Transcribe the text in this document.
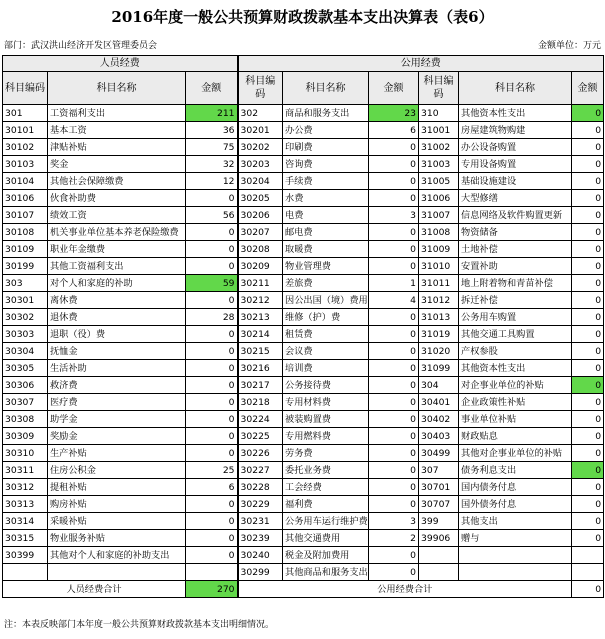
2016年度一般公共预算财政拨款基本支出决算表（表6）
部门：武汉洪山经济开发区管理委员会	金额单位：万元
人员经费			公用经费					
科目编码	科目名称	金额	科目编码	科目名称	金额	科目编码	科目名称	金额
301	工资福利支出	211	302	商品和服务支出	23	310	其他资本性支出	0
30101	基本工资	36	30201	办公费	6	31001	房屋建筑物购建	0
30102	津贴补贴	75	30202	印刷费	0	31002	办公设备购置	0
30103	奖金	32	30203	咨询费	0	31003	专用设备购置	0
30104	其他社会保障缴费	12	30204	手续费	0	31005	基础设施建设	0
30106	伙食补助费	0	30205	水费	0	31006	大型修缮	0
30107	绩效工资	56	30206	电费	3	31007	信息网络及软件购置更新	0
30108	机关事业单位基本养老保险缴费	0	30207	邮电费	0	31008	物资储备	0
30109	职业年金缴费	0	30208	取暖费	0	31009	土地补偿	0
30199	其他工资福利支出	0	30209	物业管理费	0	31010	安置补助	0
303	对个人和家庭的补助	59	30211	差旅费	1	31011	地上附着物和青苗补偿	0
30301	离休费	0	30212	因公出国（境）费用	4	31012	拆迁补偿	0
30302	退休费	28	30213	维修（护）费	0	31013	公务用车购置	0
30303	退职（役）费	0	30214	租赁费	0	31019	其他交通工具购置	0
30304	抚恤金	0	30215	会议费	0	31020	产权参股	0
30305	生活补助	0	30216	培训费	0	31099	其他资本性支出	0
30306	救济费	0	30217	公务接待费	0	304	对企事业单位的补贴	0
30307	医疗费	0	30218	专用材料费	0	30401	企业政策性补贴	0
30308	助学金	0	30224	被装购置费	0	30402	事业单位补贴	0
30309	奖励金	0	30225	专用燃料费	0	30403	财政贴息	0
30310	生产补贴	0	30226	劳务费	0	30499	其他对企事业单位的补贴	0
30311	住房公积金	25	30227	委托业务费	0	307	债务利息支出	0
30312	提租补贴	6	30228	工会经费	0	30701	国内债务付息	0
30313	购房补贴	0	30229	福利费	0	30707	国外债务付息	0
30314	采暖补贴	0	30231	公务用车运行维护费	3	399	其他支出	0
30315	物业服务补贴	0	30239	其他交通费用	2	39906	赠与	0
30399	其他对个人和家庭的补助支出	0	30240	税金及附加费用	0			
			30299	其他商品和服务支出	0			
人员经费合计		270	公用经费合计					0
注：本表反映部门本年度一般公共预算财政拨款基本支出明细情况。
